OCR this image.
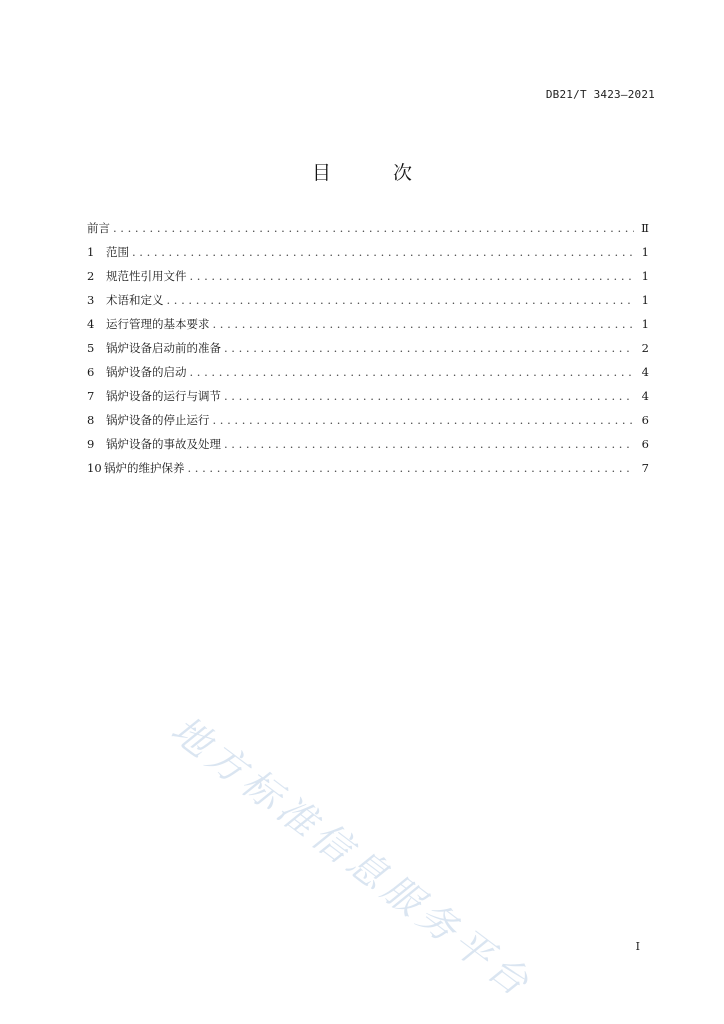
DB21/T 3423—2021
目 次
前言 . . .	Ⅱ
1	范围 . . .	1
2	规范性引用文件 . . .	1
3	术语和定义 . . .	1
4	运行管理的基本要求 . . .	1
5	锅炉设备启动前的准备 . . .	2
6	锅炉设备的启动 . . .	4
7	锅炉设备的运行与调节 . . .	4
8	锅炉设备的停止运行 . . .	6
9	锅炉设备的事故及处理 . . .	6
10 锅炉的维护保养 . . .	7
地方标准信息服务平台	I
